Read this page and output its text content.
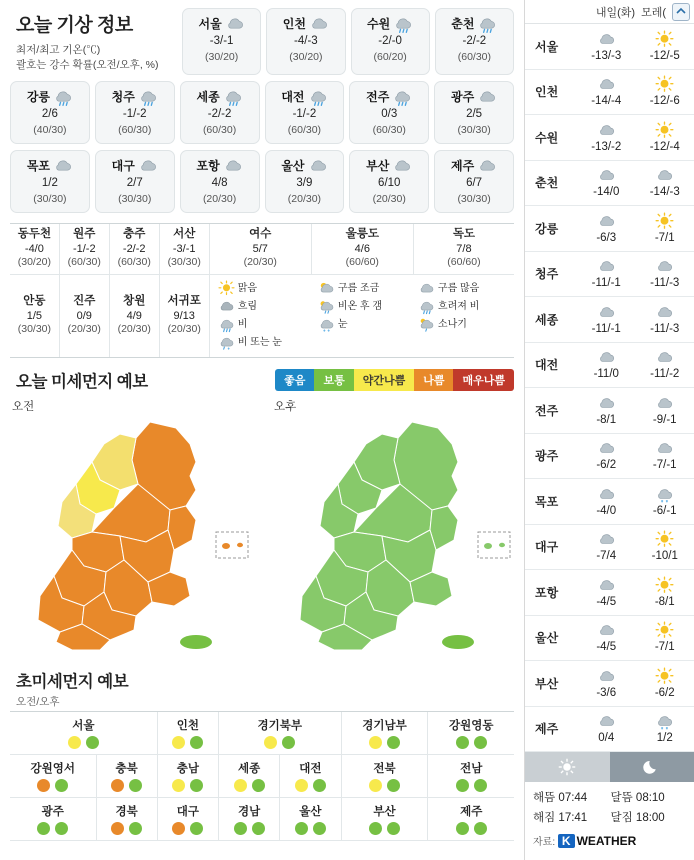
오늘 기상 정보
최저/최고 기온(℃)
괄호는 강수 확률(오전/오후, %)
서울
-3/-1
(30/20)
인천
-4/-3
(30/20)
수원
-2/-0
(60/20)
춘천
-2/-2
(60/30)
강릉
2/6
(40/30)
청주
-1/-2
(60/30)
세종
-2/-2
(60/30)
대전
-1/-2
(60/30)
전주
0/3
(60/30)
광주
2/5
(30/30)
목포
1/2
(30/30)
대구
2/7
(30/30)
포항
4/8
(20/30)
울산
3/9
(20/30)
부산
6/10
(20/30)
제주
6/7
(30/30)
동두천
-4/0
(30/20)

원주
-1/-2
(60/30)

충주
-2/-2
(60/30)

서산
-3/-1
(30/30)

여수
5/7
(20/30)

울릉도
4/6
(60/60)

독도
7/8
(60/60)

안동
1/5
(30/30)

진주
0/9
(20/30)

창원
4/9
(20/30)

서귀포
9/13
(20/30)

맑음	구름 조금	구름 많음
흐림	비온 후 갬	흐려져 비
비	눈	소나기
비 또는 눈
오늘 미세먼지 예보	좋음	보통	약간나쁨	나쁨	매우나쁨
오전	오후
초미세먼지 예보
오전/오후
서울		인천	경기북부		경기남부	강원영동

강원영서	충북	충남	세종	대전	전북	전남

광주	경북	대구	경남	울산	부산	제주
내일(화) 모레(
서울
-13/-3	-12/-5
인천
-14/-4	-12/-6
수원
-13/-2	-12/-4
춘천
-14/0	-14/-3
강릉
-6/3	-7/1
청주
-11/-1	-11/-3
세종
-11/-1	-11/-3
대전
-11/0	-11/-2
전주
-8/1	-9/-1
광주
-6/2	-7/-1
목포
-4/0	-6/-1
대구
-7/4	-10/1
포항
-4/5	-8/1
울산
-4/5	-7/1
부산
-3/6	-6/2
제주
0/4	1/2
해뜸 07:44	달뜸 08:10
해짐 17:41	달짐 18:00
자료: K WEATHER
